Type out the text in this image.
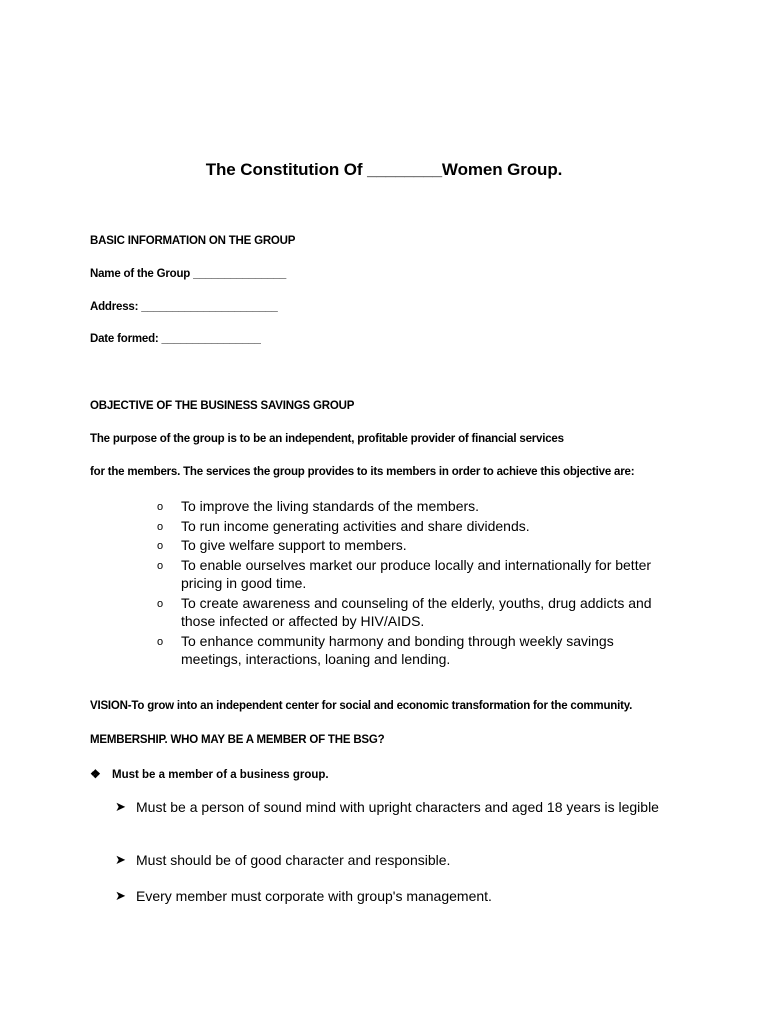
The Constitution Of ________Women Group.
BASIC INFORMATION ON THE GROUP
Name of the Group _______________
Address: ______________________
Date formed: ________________
OBJECTIVE OF THE BUSINESS SAVINGS GROUP
The purpose of the group is to be an independent, profitable provider of financial services
for the members. The services the group provides to its members in order to achieve this objective are:
o To improve the living standards of the members.
o To run income generating activities and share dividends.
o To give welfare support to members.
o To enable ourselves market our produce locally and internationally for better pricing in good time.
o To create awareness and counseling of the elderly, youths, drug addicts and those infected or affected by HIV/AIDS.
o To enhance community harmony and bonding through weekly savings meetings, interactions, loaning and lending.
VISION-To grow into an independent center for social and economic transformation for the community.
MEMBERSHIP. WHO MAY BE A MEMBER OF THE BSG?
❖ Must be a member of a business group.
➤ Must be a person of sound mind with upright characters and aged 18 years is legible
➤ Must should be of good character and responsible.
➤ Every member must corporate with group's management.
